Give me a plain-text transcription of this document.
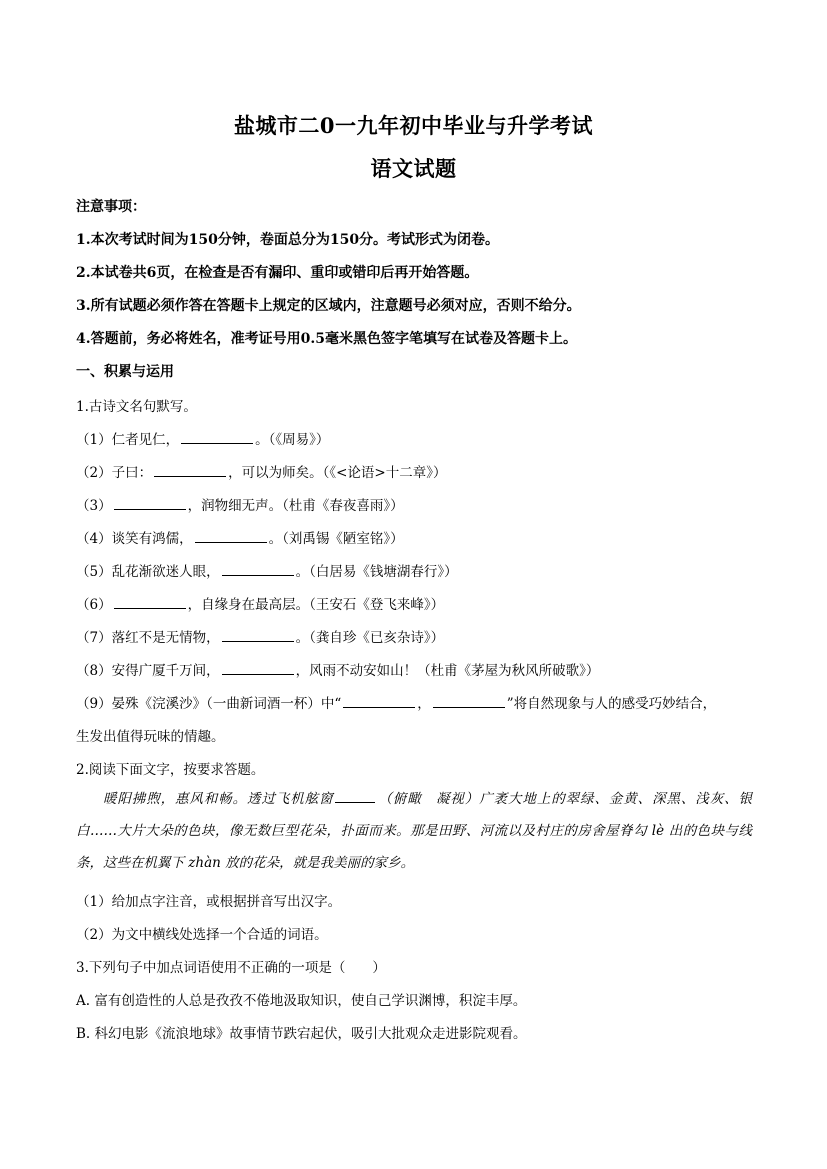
盐城市二0一九年初中毕业与升学考试
语文试题
注意事项：
1.本次考试时间为150分钟，卷面总分为150分。考试形式为闭卷。
2.本试卷共6页，在检查是否有漏印、重印或错印后再开始答题。
3.所有试题必须作答在答题卡上规定的区域内，注意题号必须对应，否则不给分。
4.答题前，务必将姓名，准考证号用0.5毫米黑色签字笔填写在试卷及答题卡上。
一、积累与运用
1.古诗文名句默写。
（1）仁者见仁，	。（《周易》）
（2）子曰：	，可以为师矣。（《<论语>十二章》）
（3）	，润物细无声。（杜甫《春夜喜雨》）
（4）谈笑有鸿儒，	。（刘禹锡《陋室铭》）
（5）乱花渐欲迷人眼，	。（白居易《钱塘湖春行》）
（6）	，自缘身在最高层。（王安石《登飞来峰》）
（7）落红不是无情物，	。（龚自珍《已亥杂诗》）
（8）安得广厦千万间，	，风雨不动安如山！（杜甫《茅屋为秋风所破歌》）
（9）晏殊《浣溪沙》（一曲新词酒一杯）中“	，	”将自然现象与人的感受巧妙结合，
生发出值得玩味的情趣。
2.阅读下面文字，按要求答题。
暖阳拂煦，惠风和畅。透过飞机舷窗	（俯瞰　凝视）广袤大地上的翠绿、金黄、深黑、浅灰、银白……大片大朵的色块，像无数巨型花朵，扑面而来。那是田野、河流以及村庄的房舍屋脊勾 lè 出的色块与线条，这些在机翼下 zhàn 放的花朵，就是我美丽的家乡。
（1）给加点字注音，或根据拼音写出汉字。
（2）为文中横线处选择一个合适的词语。
3.下列句子中加点词语使用不正确的一项是（　　）
A. 富有创造性的人总是孜孜不倦地汲取知识，使自己学识渊博，积淀丰厚。
B. 科幻电影《流浪地球》故事情节跌宕起伏，吸引大批观众走进影院观看。
